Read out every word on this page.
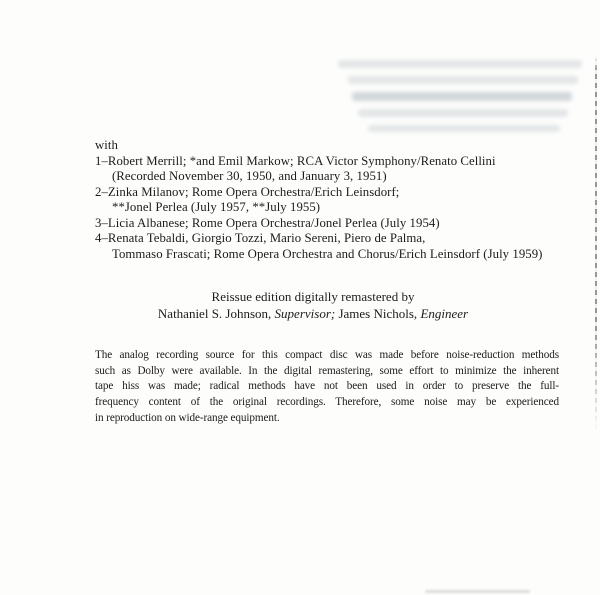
with
1–Robert Merrill; *and Emil Markow; RCA Victor Symphony/Renato Cellini
(Recorded November 30, 1950, and January 3, 1951)
2–Zinka Milanov; Rome Opera Orchestra/Erich Leinsdorf;
**Jonel Perlea (July 1957, **July 1955)
3–Licia Albanese; Rome Opera Orchestra/Jonel Perlea (July 1954)
4–Renata Tebaldi, Giorgio Tozzi, Mario Sereni, Piero de Palma,
Tommaso Frascati; Rome Opera Orchestra and Chorus/Erich Leinsdorf (July 1959)
Reissue edition digitally remastered by
Nathaniel S. Johnson, Supervisor; James Nichols, Engineer
The analog recording source for this compact disc was made before noise-reduction methods
such as Dolby were available. In the digital remastering, some effort to minimize the inherent
tape hiss was made; radical methods have not been used in order to preserve the full-
frequency content of the original recordings. Therefore, some noise may be experienced
in reproduction on wide-range equipment.
